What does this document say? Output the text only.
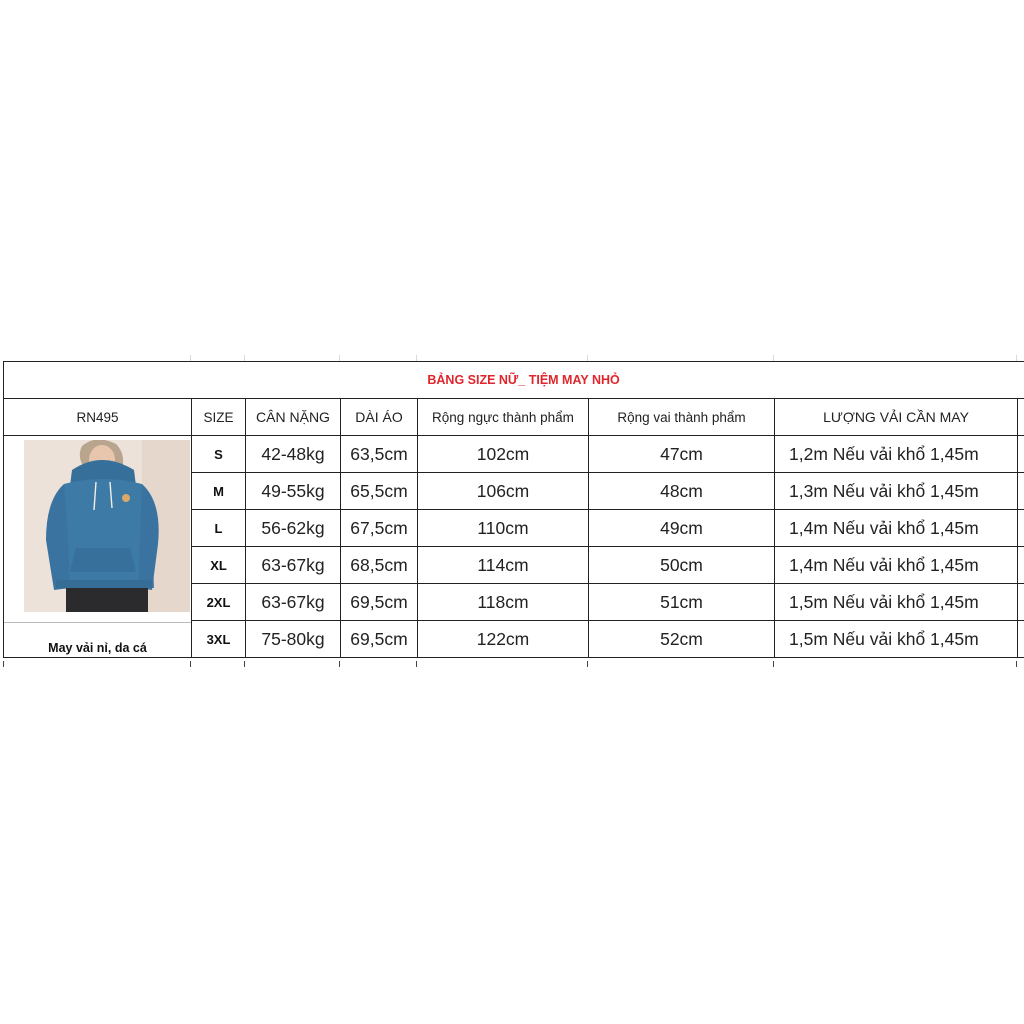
BẢNG SIZE NỮ_ TIỆM MAY NHỎ							
RN495	SIZE	CÂN NẶNG	DÀI ÁO	Rộng ngực thành phẩm	Rộng vai thành phẩm	LƯỢNG VẢI CẦN MAY	

May vải nỉ, da cá	S	42-48kg	63,5cm	102cm	47cm	1,2m Nếu vải khổ 1,45m	
	M	49-55kg	65,5cm	106cm	48cm	1,3m Nếu vải khổ 1,45m	
	L	56-62kg	67,5cm	110cm	49cm	1,4m Nếu vải khổ 1,45m	
	XL	63-67kg	68,5cm	114cm	50cm	1,4m Nếu vải khổ 1,45m	
	2XL	63-67kg	69,5cm	118cm	51cm	1,5m Nếu vải khổ 1,45m	
	3XL	75-80kg	69,5cm	122cm	52cm	1,5m Nếu vải khổ 1,45m	
